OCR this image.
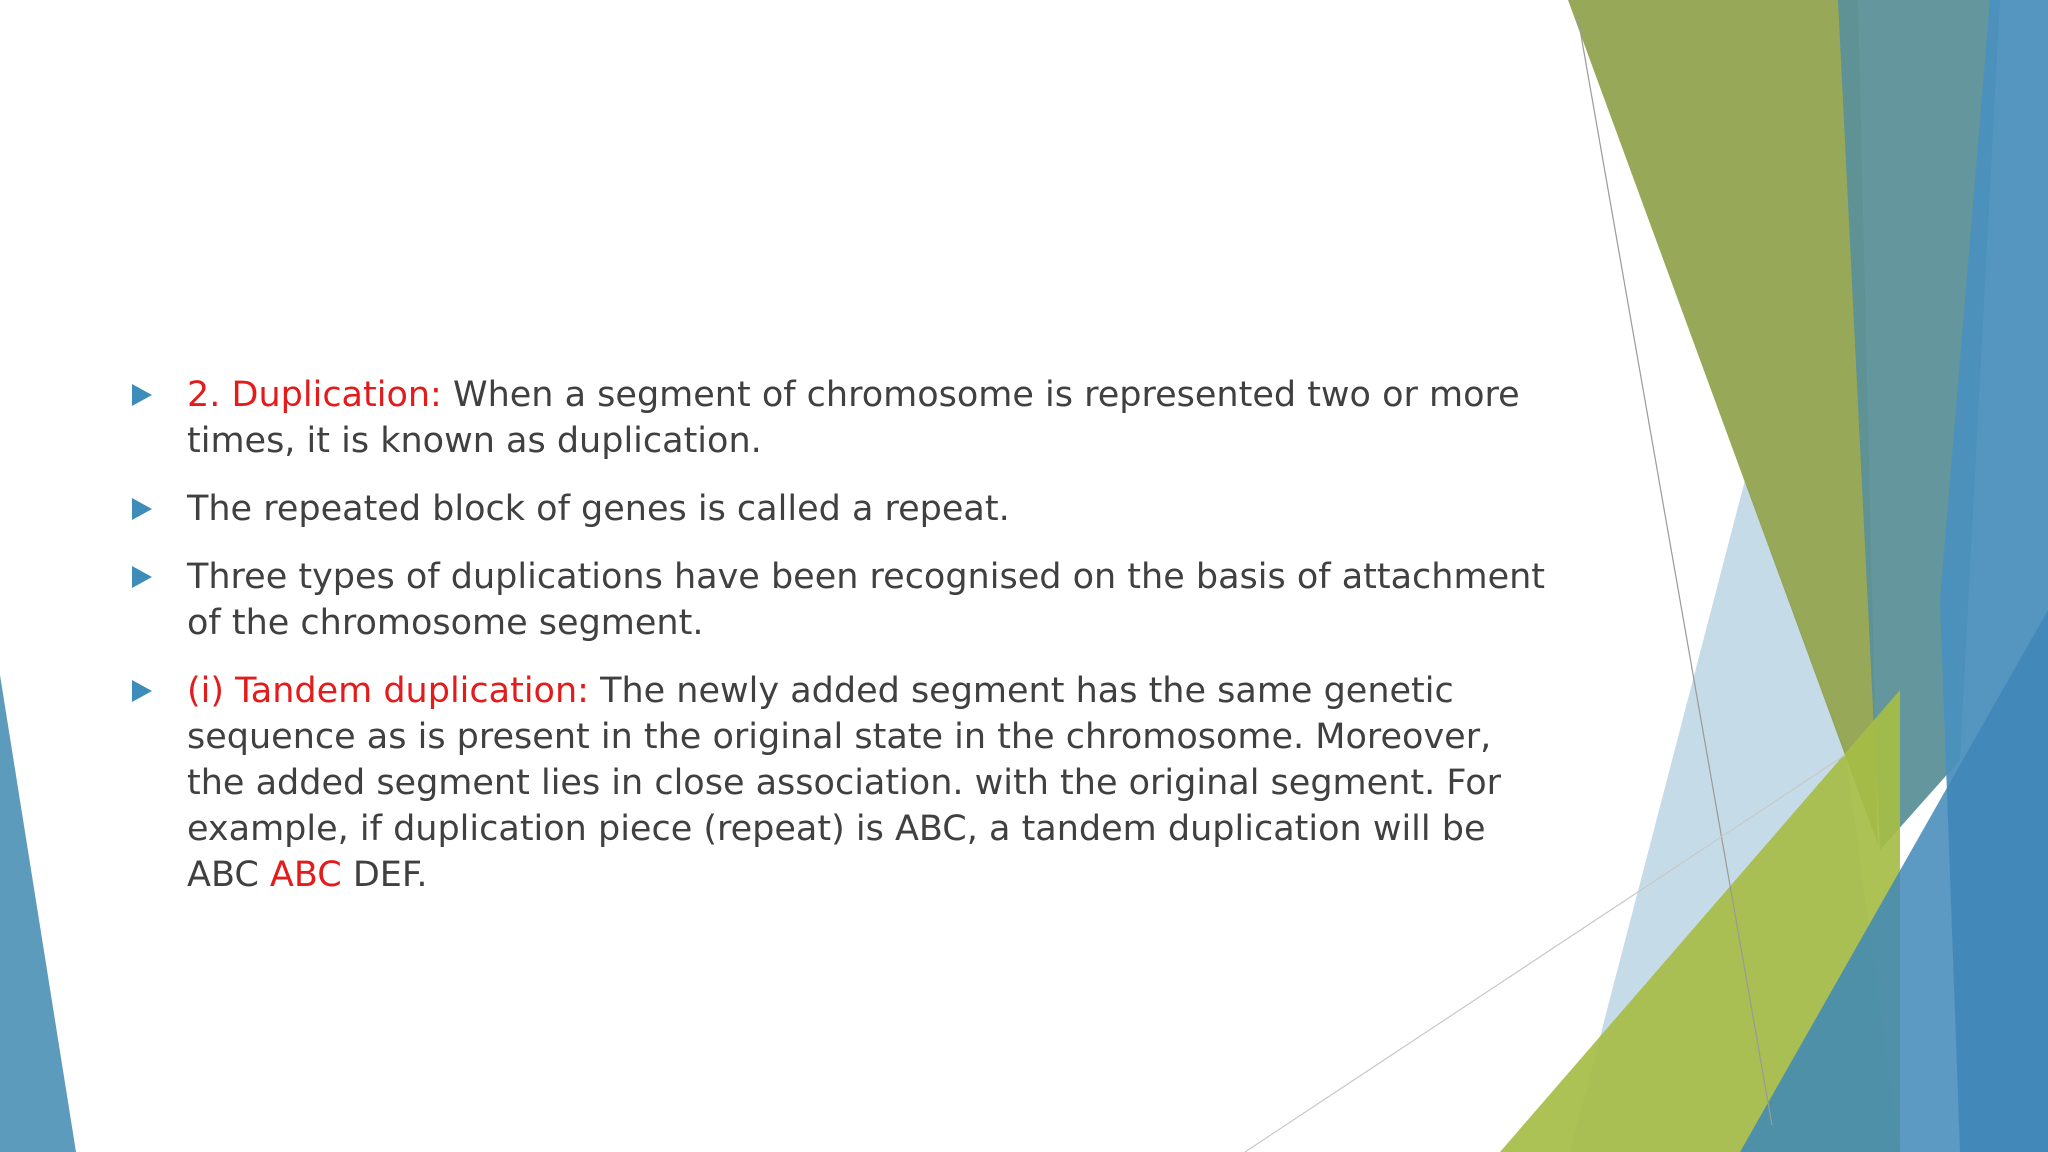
2. Duplication: When a segment of chromosome is represented two or more times, it is known as duplication.
The repeated block of genes is called a repeat.
Three types of duplications have been recognised on the basis of attachment of the chromosome segment.
(i) Tandem duplication: The newly added segment has the same genetic sequence as is present in the original state in the chromosome. Moreover, the added segment lies in close association. with the original segment. For example, if duplication piece (repeat) is ABC, a tandem duplication will be ABC ABC DEF.
